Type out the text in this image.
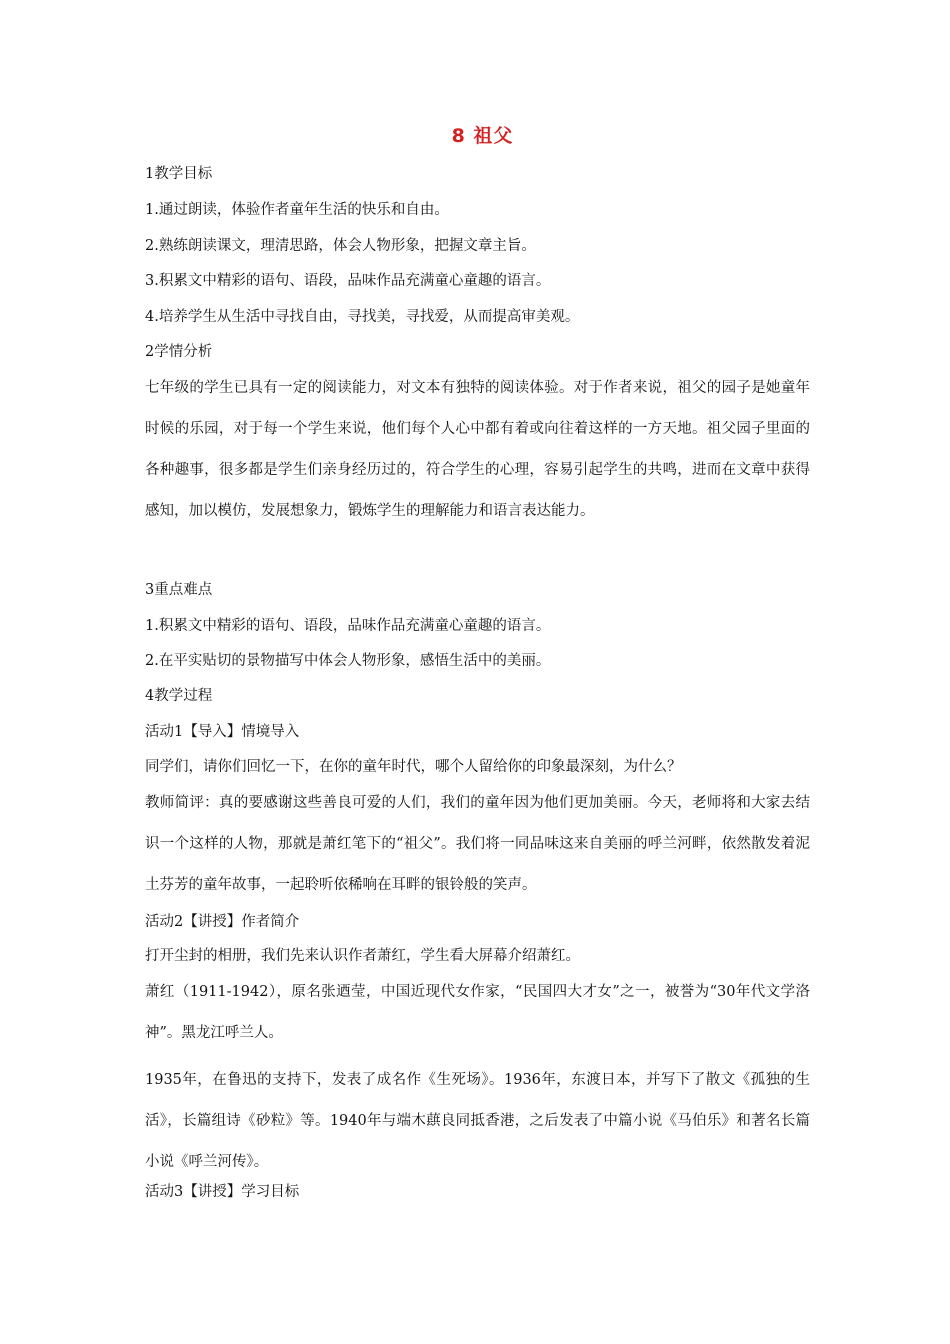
8 祖父
1教学目标
1.通过朗读，体验作者童年生活的快乐和自由。
2.熟练朗读课文，理清思路，体会人物形象，把握文章主旨。
3.积累文中精彩的语句、语段，品味作品充满童心童趣的语言。
4.培养学生从生活中寻找自由，寻找美，寻找爱，从而提高审美观。
2学情分析
七年级的学生已具有一定的阅读能力，对文本有独特的阅读体验。对于作者来说，祖父的园子是她童年时候的乐园，对于每一个学生来说，他们每个人心中都有着或向往着这样的一方天地。祖父园子里面的各种趣事，很多都是学生们亲身经历过的，符合学生的心理，容易引起学生的共鸣，进而在文章中获得感知，加以模仿，发展想象力，锻炼学生的理解能力和语言表达能力。
3重点难点
1.积累文中精彩的语句、语段，品味作品充满童心童趣的语言。
2.在平实贴切的景物描写中体会人物形象，感悟生活中的美丽。
4教学过程
活动1【导入】情境导入
同学们，请你们回忆一下，在你的童年时代，哪个人留给你的印象最深刻，为什么？
教师简评：真的要感谢这些善良可爱的人们，我们的童年因为他们更加美丽。今天，老师将和大家去结识一个这样的人物，那就是萧红笔下的“祖父”。我们将一同品味这来自美丽的呼兰河畔，依然散发着泥土芬芳的童年故事，一起聆听依稀响在耳畔的银铃般的笑声。
活动2【讲授】作者简介
打开尘封的相册，我们先来认识作者萧红，学生看大屏幕介绍萧红。
萧红（1911-1942），原名张迺莹，中国近现代女作家，“民国四大才女”之一，被誉为“30年代文学洛神”。黑龙江呼兰人。
1935年，在鲁迅的支持下，发表了成名作《生死场》。1936年，东渡日本，并写下了散文《孤独的生活》，长篇组诗《砂粒》等。1940年与端木蕻良同抵香港，之后发表了中篇小说《马伯乐》和著名长篇小说《呼兰河传》。
活动3【讲授】学习目标
